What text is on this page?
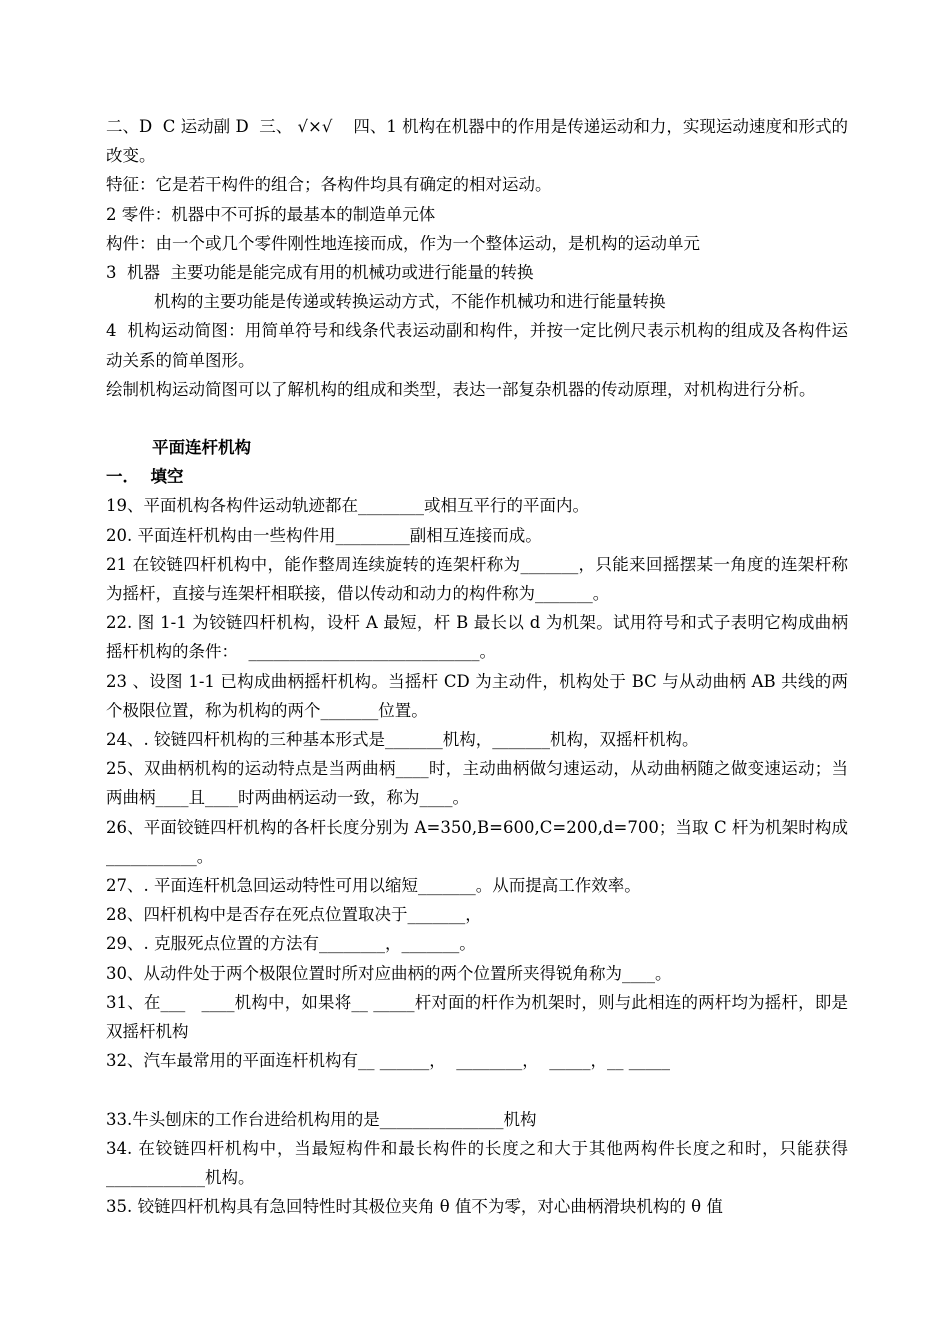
二、D  C 运动副 D  三、 √×√    四、1 机构在机器中的作用是传递运动和力，实现运动速度和形式的改变。

特征：它是若干构件的组合；各构件均具有确定的相对运动。

2 零件：机器中不可拆的最基本的制造单元体

构件：由一个或几个零件刚性地连接而成，作为一个整体运动，是机构的运动单元

3  机器  主要功能是能完成有用的机械功或进行能量的转换

机构的主要功能是传递或转换运动方式，不能作机械功和进行能量转换

4  机构运动简图：用简单符号和线条代表运动副和构件，并按一定比例尺表示机构的组成及各构件运动关系的简单图形。

绘制机构运动简图可以了解机构的组成和类型，表达一部复杂机器的传动原理，对机构进行分析。

平面连杆机构

一．  填空

19、平面机构各构件运动轨迹都在________或相互平行的平面内。

20. 平面连杆机构由一些构件用_________副相互连接而成。

21 在铰链四杆机构中，能作整周连续旋转的连架杆称为_______，只能来回摇摆某一角度的连架杆称为摇杆，直接与连架杆相联接，借以传动和动力的构件称为_______。

22. 图 1-1 为铰链四杆机构，设杆 A 最短，杆 B 最长以 d 为机架。试用符号和式子表明它构成曲柄摇杆机构的条件：  ____________________________。

23 、设图 1-1 已构成曲柄摇杆机构。当摇杆 CD 为主动件，机构处于 BC 与从动曲柄 AB 共线的两个极限位置，称为机构的两个_______位置。

24、. 铰链四杆机构的三种基本形式是_______机构，_______机构，双摇杆机构。

25、双曲柄机构的运动特点是当两曲柄____时，主动曲柄做匀速运动，从动曲柄随之做变速运动；当两曲柄____且____时两曲柄运动一致，称为____。

26、平面铰链四杆机构的各杆长度分别为 A=350,B=600,C=200,d=700；当取 C 杆为机架时构成___________。

27、. 平面连杆机急回运动特性可用以缩短_______。从而提高工作效率。

28、四杆机构中是否存在死点位置取决于_______，

29、. 克服死点位置的方法有________，_______。

30、从动件处于两个极限位置时所对应曲柄的两个位置所夹得锐角称为____。

31、在___   ____机构中，如果将__ _____杆对面的杆作为机架时，则与此相连的两杆均为摇杆，即是双摇杆机构

32、汽车最常用的平面连杆机构有__ ______，  ________，  _____，__ _____

33.牛头刨床的工作台进给机构用的是_______________机构

34. 在铰链四杆机构中，当最短构件和最长构件的长度之和大于其他两构件长度之和时，只能获得____________机构。

35. 铰链四杆机构具有急回特性时其极位夹角 θ 值不为零，对心曲柄滑块机构的 θ 值
